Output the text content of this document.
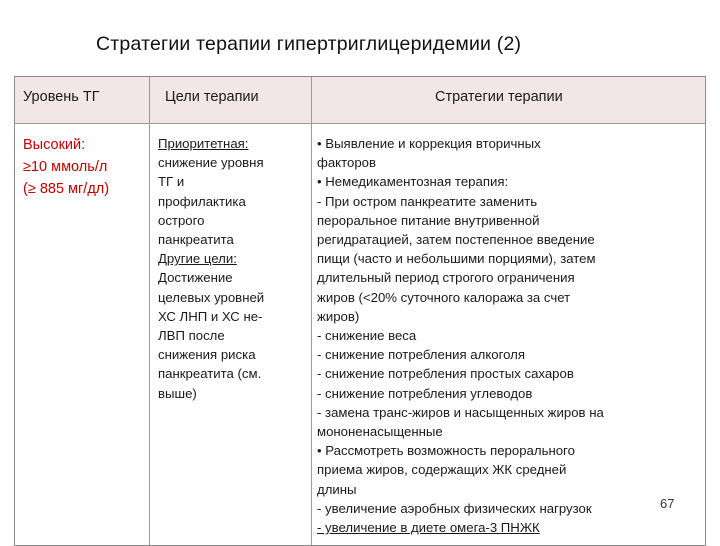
Стратегии терапии гипертриглицеридемии (2)
Уровень ТГ	Цели терапии	Стратегии терапии
Высокий:
≥10 ммоль/л
(≥ 885 мг/дл)
Приоритетная:
снижение уровня
ТГ и
профилактика
острого
панкреатита
Другие цели:
Достижение
целевых уровней
ХС ЛНП и ХС не-
ЛВП после
снижения риска
панкреатита (см.
выше)
• Выявление и коррекция вторичных
факторов
• Немедикаментозная терапия:
- При остром панкреатите заменить
пероральное питание внутривенной
регидратацией, затем постепенное введение
пищи (часто и небольшими порциями), затем
длительный период строгого ограничения
жиров (<20% суточного калоража за счет
жиров)
- снижение веса
- снижение потребления алкоголя
- снижение потребления простых сахаров
- снижение потребления углеводов
- замена транс-жиров и насыщенных жиров на
мононенасыщенные
• Рассмотреть возможность перорального
приема жиров, содержащих ЖК средней
длины
- увеличение аэробных физических нагрузок
- увеличение в диете омега-3 ПНЖК
67
